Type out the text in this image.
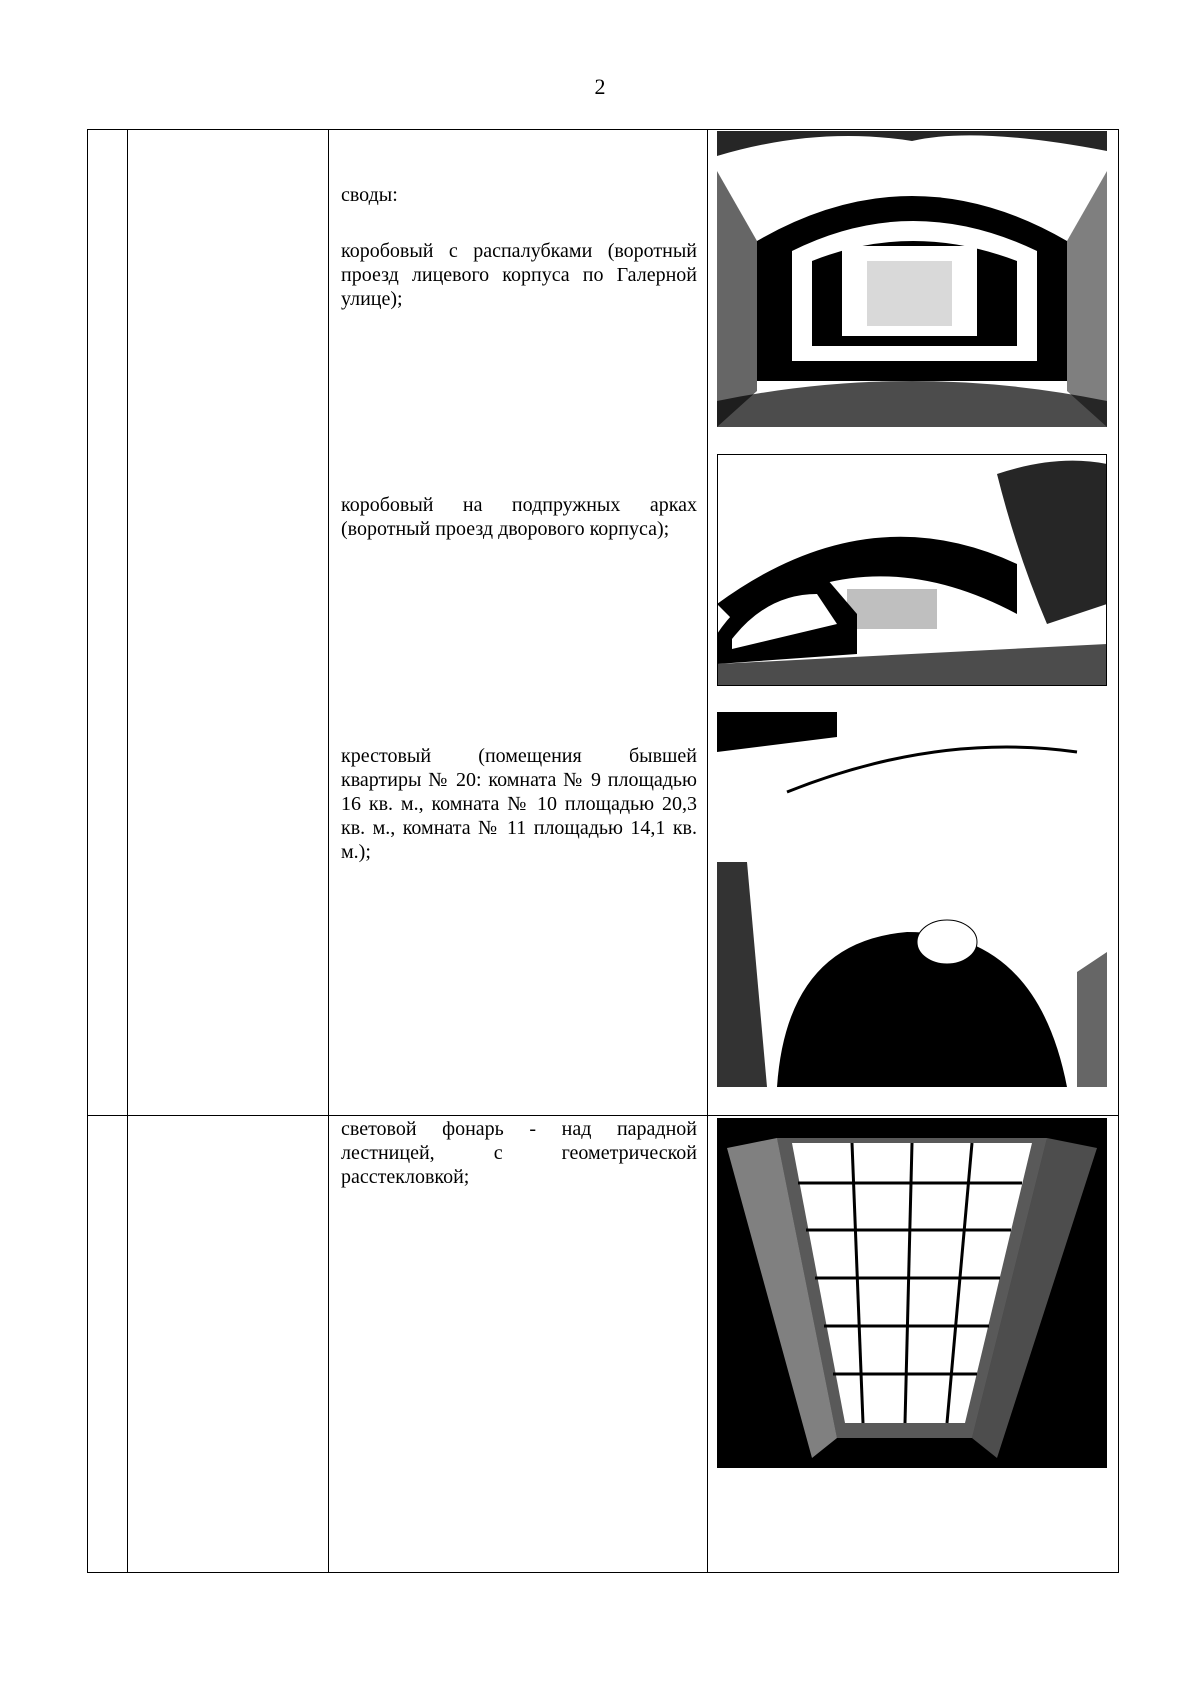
2

		своды:
коробовый с распалубками (воротный проезд лицевого корпуса по Галерной улице);
коробовый на подпружных арках (воротный проезд дворового корпуса);
крестовый (помещения бывшей квартиры № 20: комната № 9 площадью 16 кв. м., комната № 10 площадью 20,3 кв. м., комната № 11 площадью 14,1 кв. м.);

		световой фонарь - над парадной лестницей, с геометрической расстекловкой;
